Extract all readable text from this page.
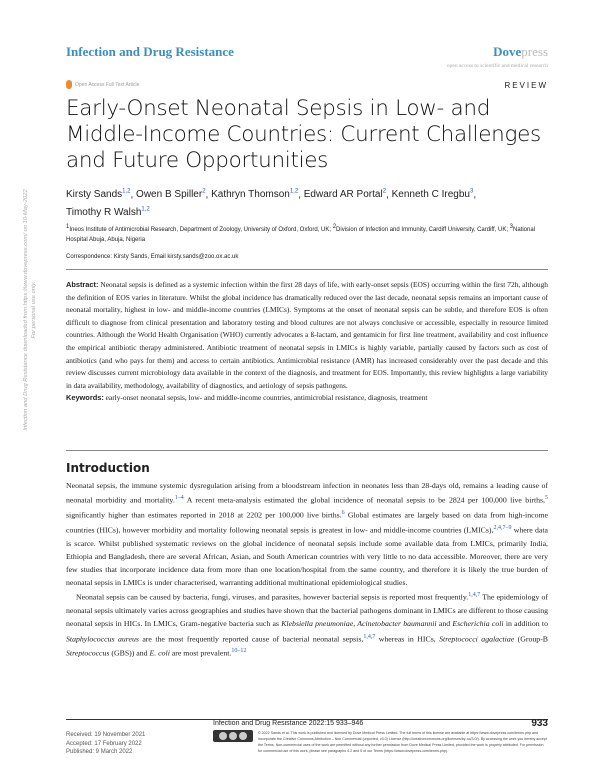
Infection and Drug Resistance	Dovepress
open access to scientific and medical research
Open Access Full Text Article	REVIEW
Early-Onset Neonatal Sepsis in Low- and Middle-Income Countries: Current Challenges and Future Opportunities
Kirsty Sands$^{1,2}$, Owen B Spiller$^2$, Kathryn Thomson$^{1,2}$, Edward AR Portal$^2$, Kenneth C Iregbu$^3$,
Timothy R Walsh$^{1,2}$
$^1$Ineos Institute of Antimicrobial Research, Department of Zoology, University of Oxford, Oxford, UK; $^2$Division of Infection and Immunity, Cardiff University, Cardiff, UK; $^3$National Hospital Abuja, Abuja, Nigeria
Correspondence: Kirsty Sands, Email kirsty.sands@zoo.ox.ac.uk
Abstract: Neonatal sepsis is defined as a systemic infection within the first 28 days of life, with early-onset sepsis (EOS) occurring within the first 72h, although the definition of EOS varies in literature. Whilst the global incidence has dramatically reduced over the last decade, neonatal sepsis remains an important cause of neonatal mortality, highest in low- and middle-income countries (LMICs). Symptoms at the onset of neonatal sepsis can be subtle, and therefore EOS is often difficult to diagnose from clinical presentation and laboratory testing and blood cultures are not always conclusive or accessible, especially in resource limited countries. Although the World Health Organisation (WHO) currently advocates a ß-lactam, and gentamicin for first line treatment, availability and cost influence the empirical antibiotic therapy administered. Antibiotic treatment of neonatal sepsis in LMICs is highly variable, partially caused by factors such as cost of antibiotics (and who pays for them) and access to certain antibiotics. Antimicrobial resistance (AMR) has increased considerably over the past decade and this review discusses current microbiology data available in the context of the diagnosis, and treatment for EOS. Importantly, this review highlights a large variability in data availability, methodology, availability of diagnostics, and aetiology of sepsis pathogens.
Keywords: early-onset neonatal sepsis, low- and middle-income countries, antimicrobial resistance, diagnosis, treatment
Introduction

Neonatal sepsis, the immune systemic dysregulation arising from a bloodstream infection in neonates less than 28-days old, remains a leading cause of neonatal morbidity and mortality.$^{1-4}$ A recent meta-analysis estimated the global incidence of neonatal sepsis to be 2824 per 100,000 live births,$^5$ significantly higher than estimates reported in 2018 at 2202 per 100,000 live births.$^6$ Global estimates are largely based on data from high-income countries (HICs), however morbidity and mortality following neonatal sepsis is greatest in low- and middle-income countries (LMICs),$^{2,4,7-9}$ where data is scarce. Whilst published systematic reviews on the global incidence of neonatal sepsis include some available data from LMICs, primarily India, Ethiopia and Bangladesh, there are several African, Asian, and South American countries with very little to no data accessible. Moreover, there are very few studies that incorporate incidence data from more than one location/hospital from the same country, and therefore it is likely the true burden of neonatal sepsis in LMICs is under characterised, warranting additional multinational epidemiological studies.

Neonatal sepsis can be caused by bacteria, fungi, viruses, and parasites, however bacterial sepsis is reported most frequently.$^{1,4,7}$ The epidemiology of neonatal sepsis ultimately varies across geographies and studies have shown that the bacterial pathogens dominant in LMICs are different to those causing neonatal sepsis in HICs. In LMICs, Gram-negative bacteria such as Klebsiella pneumoniae, Acinetobacter baumannii and Escherichia coli in addition to Staphylococcus aureus are the most frequently reported cause of bacterial neonatal sepsis,$^{1,4,7}$ whereas in HICs, Streptococci agalactiae (Group-B Streptococcus (GBS)) and E. coli are most prevalent.$^{10-12}$

Infection and Drug Resistance downloaded from https://www.dovepress.com/ on 10-May-2022 For personal use only.
Received: 19 November 2021
Accepted: 17 February 2022
Published: 9 March 2022
Infection and Drug Resistance 2022:15 933–946	933
© 2022 Sands et al. This work is published and licensed by Dove Medical Press Limited. The full terms of this license are available at https://www.dovepress.com/terms.php and incorporate the Creative Commons Attribution – Non Commercial (unported, v3.0) License (http://creativecommons.org/licenses/by-nc/3.0/). By accessing the work you hereby accept the Terms. Non-commercial uses of the work are permitted without any further permission from Dove Medical Press Limited, provided the work is properly attributed. For permission for commercial use of this work, please see paragraphs 4.2 and 5 of our Terms (https://www.dovepress.com/terms.php).
